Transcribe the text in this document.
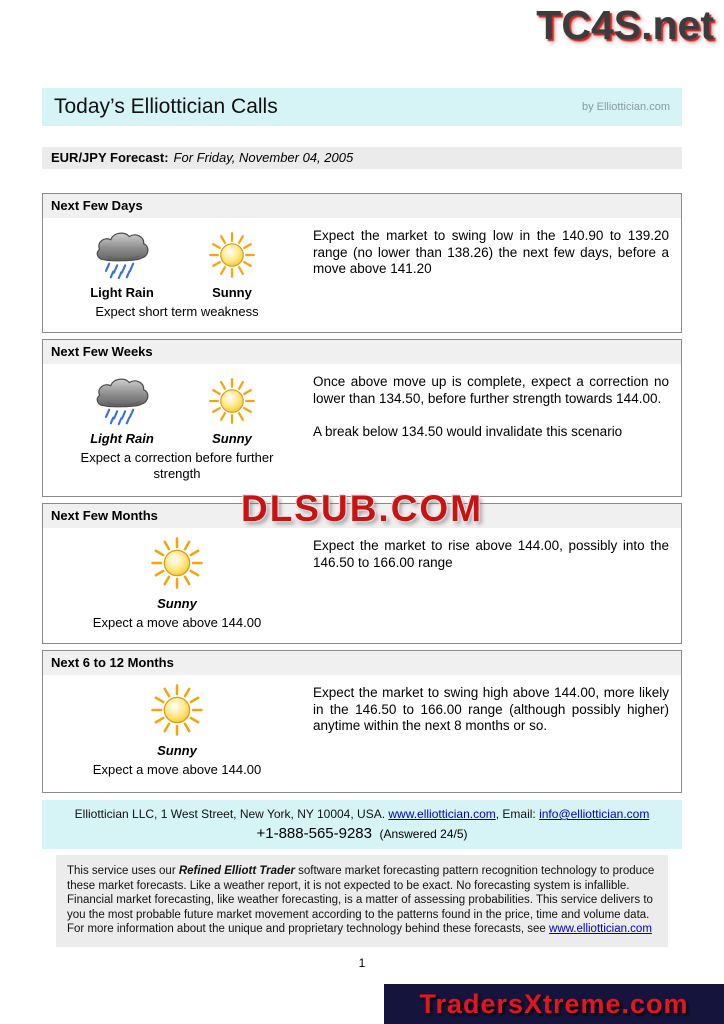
TC4S.net
Today’s Elliottician Calls	by Elliottician.com
EUR/JPY Forecast: For Friday, November 04, 2005
Next Few Days
Light Rain	Sunny
Expect short term weakness

Expect the market to swing low in the 140.90 to 139.20 range (no lower than 138.26) the next few days, before a move above 141.20

Next Few Weeks
Light Rain	Sunny
Expect a correction before further strength

Once above move up is complete, expect a correction no lower than 134.50, before further strength towards 144.00.

A break below 134.50 would invalidate this scenario

Next Few Months
Sunny
Expect a move above 144.00

Expect the market to rise above 144.00, possibly into the 146.50 to 166.00 range

Next 6 to 12 Months
Sunny
Expect a move above 144.00

Expect the market to swing high above 144.00, more likely in the 146.50 to 166.00 range (although possibly higher) anytime within the next 8 months or so.

Elliottician LLC, 1 West Street, New York, NY 10004, USA. www.elliottician.com, Email: info@elliottician.com
+1-888-565-9283 (Answered 24/5)
This service uses our Refined Elliott Trader software market forecasting pattern recognition technology to produce these market forecasts. Like a weather report, it is not expected to be exact. No forecasting system is infallible. Financial market forecasting, like weather forecasting, is a matter of assessing probabilities. This service delivers to you the most probable future market movement according to the patterns found in the price, time and volume data. For more information about the unique and proprietary technology behind these forecasts, see www.elliottician.com
1
DLSUB.COM
TradersXtreme.com
